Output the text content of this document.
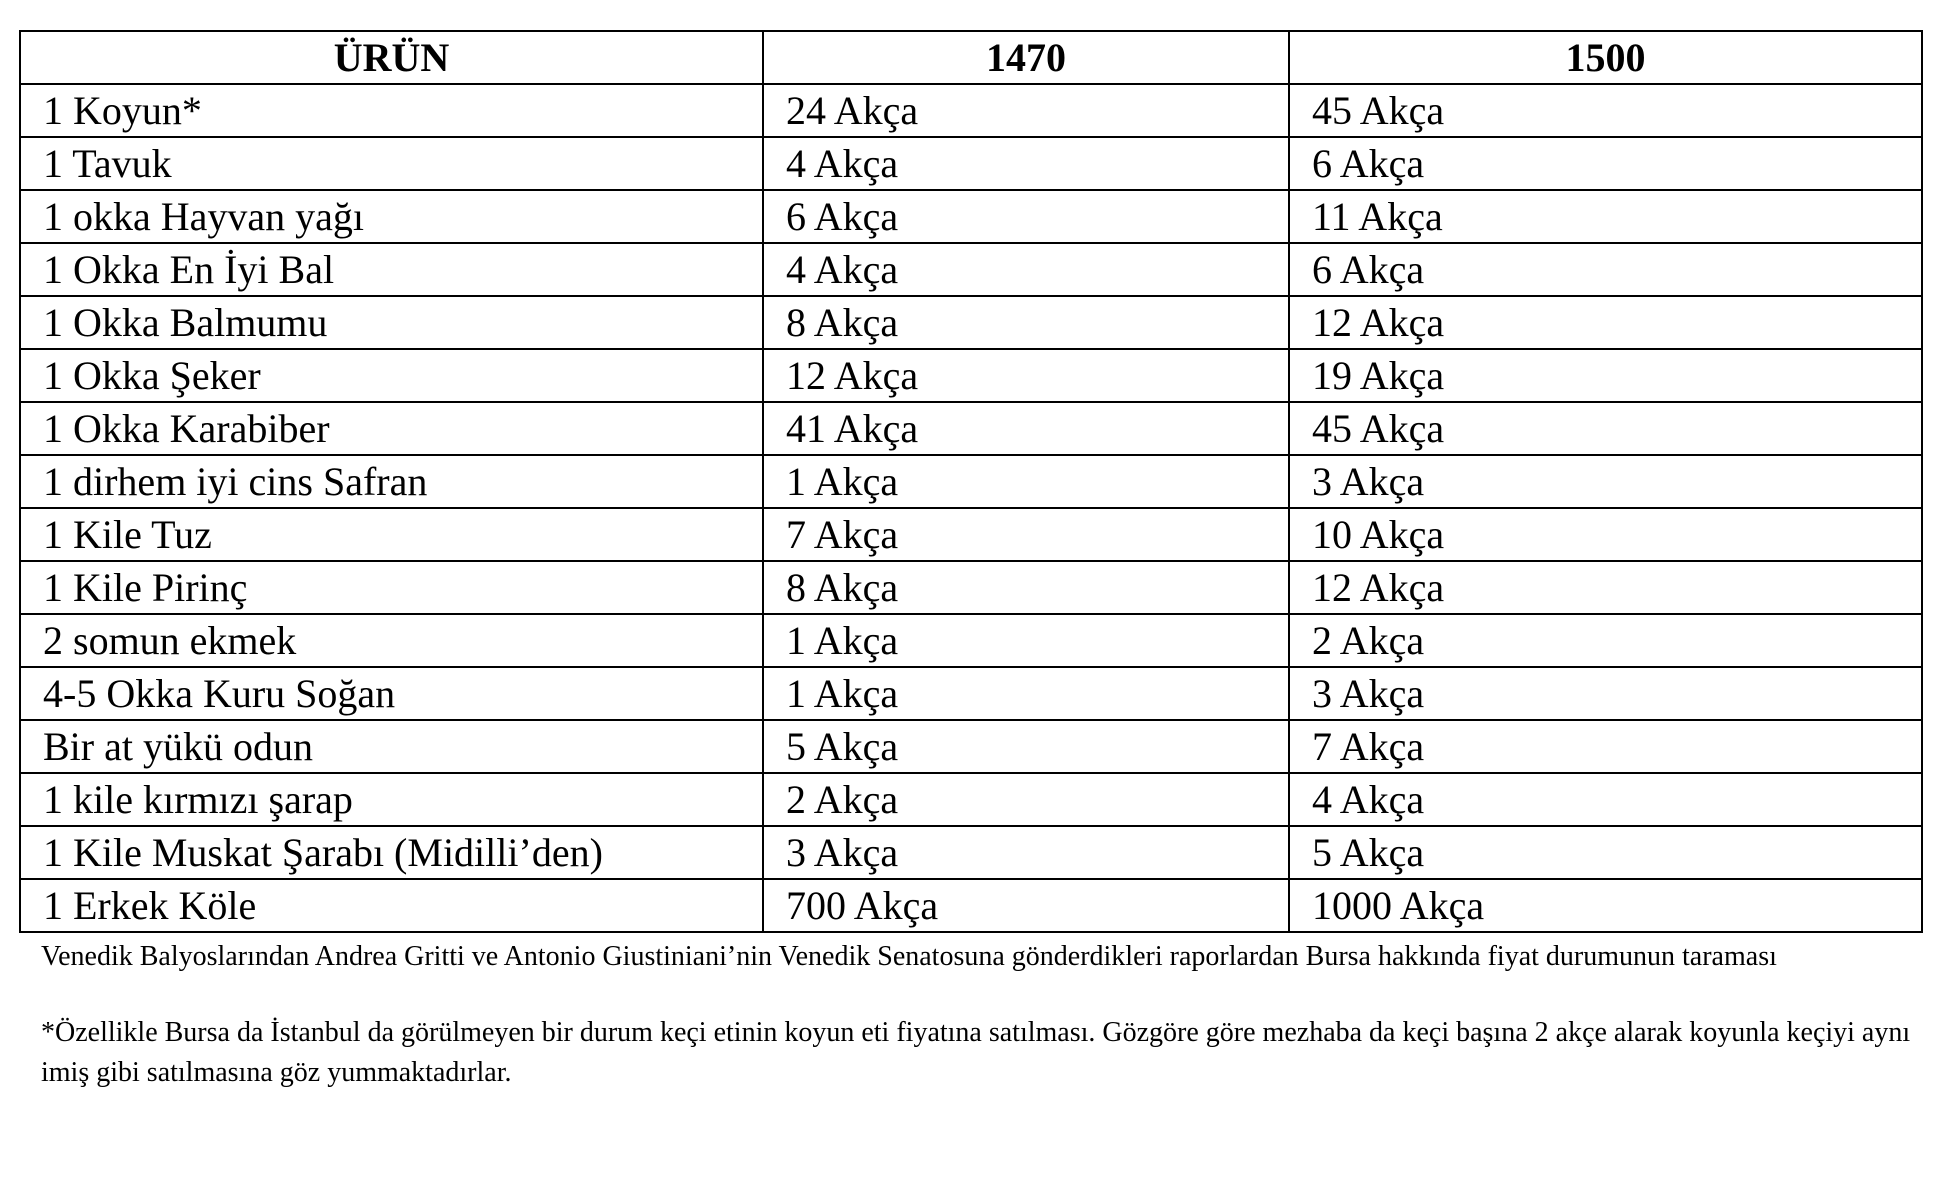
ÜRÜN	1470	1500
1 Koyun*	24 Akça	45 Akça
1 Tavuk	4 Akça	6 Akça
1 okka Hayvan yağı	6 Akça	11 Akça
1 Okka En İyi Bal	4 Akça	6 Akça
1 Okka Balmumu	8 Akça	12 Akça
1 Okka Şeker	12 Akça	19 Akça
1 Okka Karabiber	41 Akça	45 Akça
1 dirhem iyi cins Safran	1 Akça	3 Akça
1 Kile Tuz	7 Akça	10 Akça
1 Kile Pirinç	8 Akça	12 Akça
2 somun ekmek	1 Akça	2 Akça
4-5 Okka Kuru Soğan	1 Akça	3 Akça
Bir at yükü odun	5 Akça	7 Akça
1 kile kırmızı şarap	2 Akça	4 Akça
1 Kile Muskat Şarabı (Midilli’den)	3 Akça	5 Akça
1 Erkek Köle	700 Akça	1000 Akça

Venedik Balyoslarından Andrea Gritti ve Antonio Giustiniani’nin Venedik Senatosuna gönderdikleri raporlardan Bursa hakkında fiyat durumunun taraması

*Özellikle Bursa da İstanbul da görülmeyen bir durum keçi etinin koyun eti fiyatına satılması. Gözgöre göre mezhaba da keçi başına 2 akçe alarak koyunla keçiyi aynı imiş gibi satılmasına göz yummaktadırlar.
